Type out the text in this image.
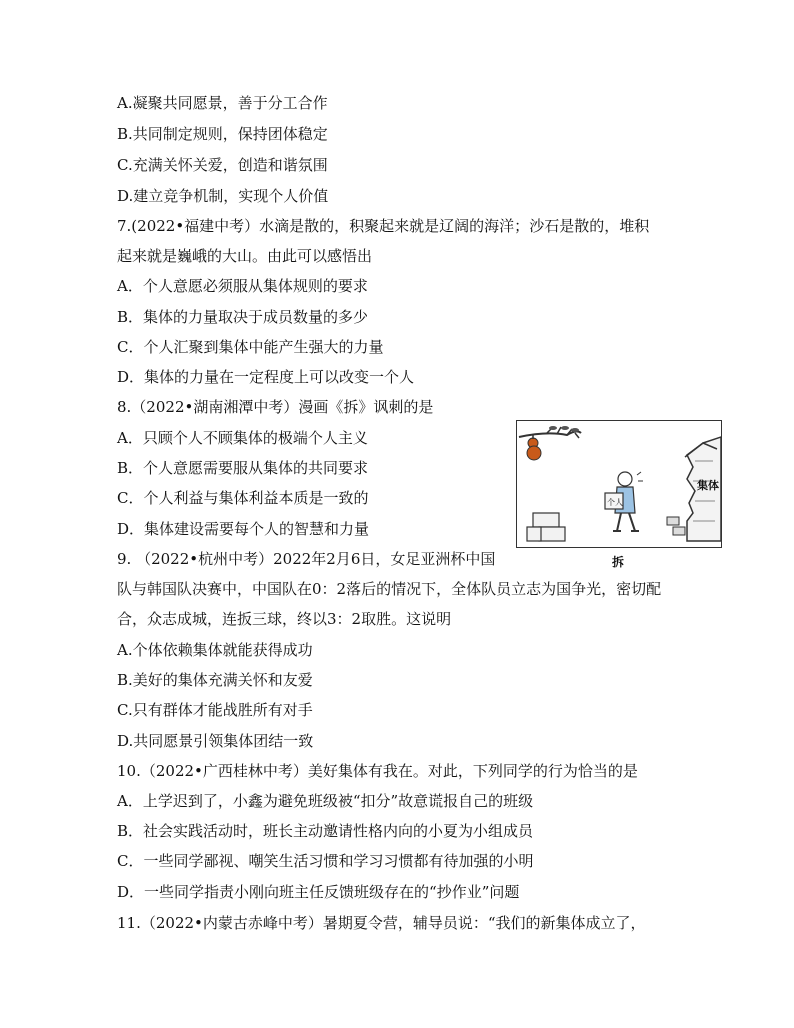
A.凝聚共同愿景，善于分工合作
B.共同制定规则，保持团体稳定
C.充满关怀关爱，创造和谐氛围
D.建立竞争机制，实现个人价值
7.(2022•福建中考）水滴是散的，积聚起来就是辽阔的海洋；沙石是散的，堆积
起来就是巍峨的大山。由此可以感悟出
A．个人意愿必须服从集体规则的要求
B．集体的力量取决于成员数量的多少
C．个人汇聚到集体中能产生强大的力量
D．集体的力量在一定程度上可以改变一个人
8.（2022•湖南湘潭中考）漫画《拆》讽刺的是
A．只顾个人不顾集体的极端个人主义
B．个人意愿需要服从集体的共同要求
C．个人利益与集体利益本质是一致的
D．集体建设需要每个人的智慧和力量
9. （2022•杭州中考）2022年2月6日，女足亚洲杯中国
队与韩国队决赛中，中国队在0：2落后的情况下，全体队员立志为国争光，密切配
合，众志成城，连扳三球，终以3：2取胜。这说明
A.个体依赖集体就能获得成功
B.美好的集体充满关怀和友爱
C.只有群体才能战胜所有对手
D.共同愿景引领集体团结一致
10.（2022•广西桂林中考）美好集体有我在。对此，下列同学的行为恰当的是
A．上学迟到了，小鑫为避免班级被“扣分”故意谎报自己的班级
B．社会实践活动时，班长主动邀请性格内向的小夏为小组成员
C．一些同学鄙视、嘲笑生活习惯和学习习惯都有待加强的小明
D．一些同学指责小刚向班主任反馈班级存在的“抄作业”问题
11.（2022•内蒙古赤峰中考）暑期夏令营，辅导员说：“我们的新集体成立了，
集体
个人
拆
